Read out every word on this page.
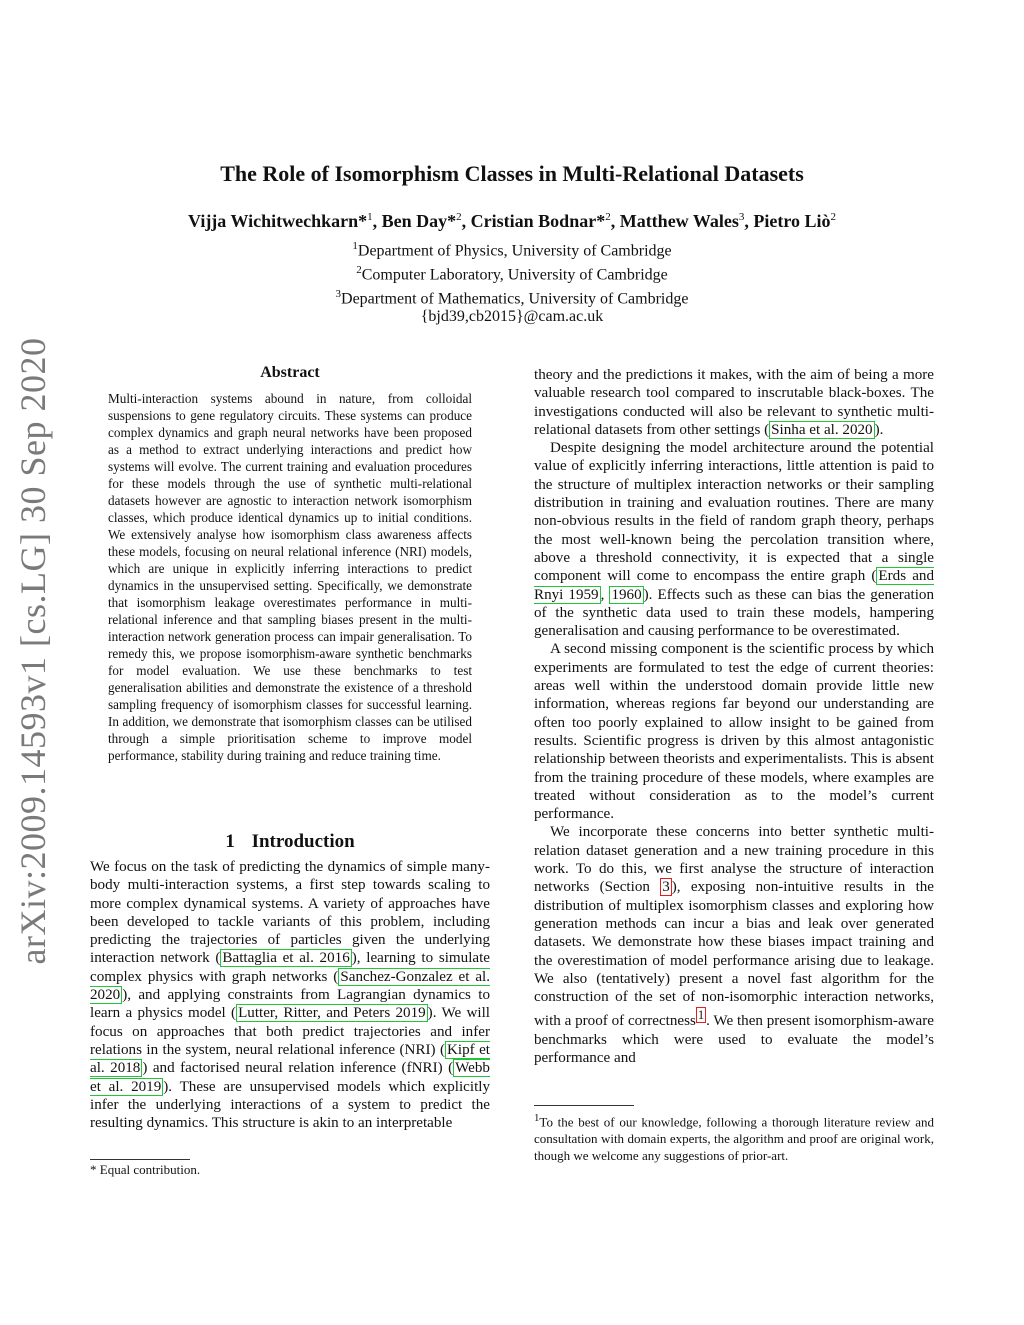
arXiv:2009.14593v1 [cs.LG] 30 Sep 2020
The Role of Isomorphism Classes in Multi-Relational Datasets
Vijja Wichitwechkarn*$^1$, Ben Day*$^2$, Cristian Bodnar*$^2$, Matthew Wales$^3$, Pietro Liò$^2$
$^1$Department of Physics, University of Cambridge
$^2$Computer Laboratory, University of Cambridge
$^3$Department of Mathematics, University of Cambridge
{bjd39,cb2015}@cam.ac.uk
Abstract
Multi-interaction systems abound in nature, from colloidal suspensions to gene regulatory circuits. These systems can produce complex dynamics and graph neural networks have been proposed as a method to extract underlying interactions and predict how systems will evolve. The current training and evaluation procedures for these models through the use of synthetic multi-relational datasets however are agnostic to interaction network isomorphism classes, which produce identical dynamics up to initial conditions. We extensively analyse how isomorphism class awareness affects these models, focusing on neural relational inference (NRI) models, which are unique in explicitly inferring interactions to predict dynamics in the unsupervised setting. Specifically, we demonstrate that isomorphism leakage overestimates performance in multi-relational inference and that sampling biases present in the multi-interaction network generation process can impair generalisation. To remedy this, we propose isomorphism-aware synthetic benchmarks for model evaluation. We use these benchmarks to test generalisation abilities and demonstrate the existence of a threshold sampling frequency of isomorphism classes for successful learning. In addition, we demonstrate that isomorphism classes can be utilised through a simple prioritisation scheme to improve model performance, stability during training and reduce training time.
1 Introduction

We focus on the task of predicting the dynamics of simple many-body multi-interaction systems, a first step towards scaling to more complex dynamical systems. A variety of approaches have been developed to tackle variants of this problem, including predicting the trajectories of particles given the underlying interaction network ( Battaglia et al. 2016 ), learning to simulate complex physics with graph networks ( Sanchez-Gonzalez et al. 2020 ), and applying constraints from Lagrangian dynamics to learn a physics model ( Lutter, Ritter, and Peters 2019 ). We will focus on approaches that both predict trajectories and infer relations in the system, neural relational inference (NRI) ( Kipf et al. 2018 ) and factorised neural relation inference (fNRI) ( Webb et al. 2019 ). These are unsupervised models which explicitly infer the underlying interactions of a system to predict the resulting dynamics. This structure is akin to an interpretable

* Equal contribution.

theory and the predictions it makes, with the aim of being a more valuable research tool compared to inscrutable black-boxes. The investigations conducted will also be relevant to synthetic multi-relational datasets from other settings ( Sinha et al. 2020 ).

Despite designing the model architecture around the potential value of explicitly inferring interactions, little attention is paid to the structure of multiplex interaction networks or their sampling distribution in training and evaluation routines. There are many non-obvious results in the field of random graph theory, perhaps the most well-known being the percolation transition where, above a threshold connectivity, it is expected that a single component will come to encompass the entire graph ( Erds and Rnyi 1959 , 1960 ). Effects such as these can bias the generation of the synthetic data used to train these models, hampering generalisation and causing performance to be overestimated.

A second missing component is the scientific process by which experiments are formulated to test the edge of current theories: areas well within the understood domain provide little new information, whereas regions far beyond our understanding are often too poorly explained to allow insight to be gained from results. Scientific progress is driven by this almost antagonistic relationship between theorists and experimentalists. This is absent from the training procedure of these models, where examples are treated without consideration as to the model’s current performance.

We incorporate these concerns into better synthetic multi-relation dataset generation and a new training procedure in this work. To do this, we first analyse the structure of interaction networks (Section 3 ), exposing non-intuitive results in the distribution of multiplex isomorphism classes and exploring how generation methods can incur a bias and leak over generated datasets. We demonstrate how these biases impact training and the overestimation of model performance arising due to leakage. We also (tentatively) present a novel fast algorithm for the construction of the set of non-isomorphic interaction networks, with a proof of correctness $^1$ . We then present isomorphism-aware benchmarks which were used to evaluate the model’s performance and

$^1$To the best of our knowledge, following a thorough literature review and consultation with domain experts, the algorithm and proof are original work, though we welcome any suggestions of prior-art.
